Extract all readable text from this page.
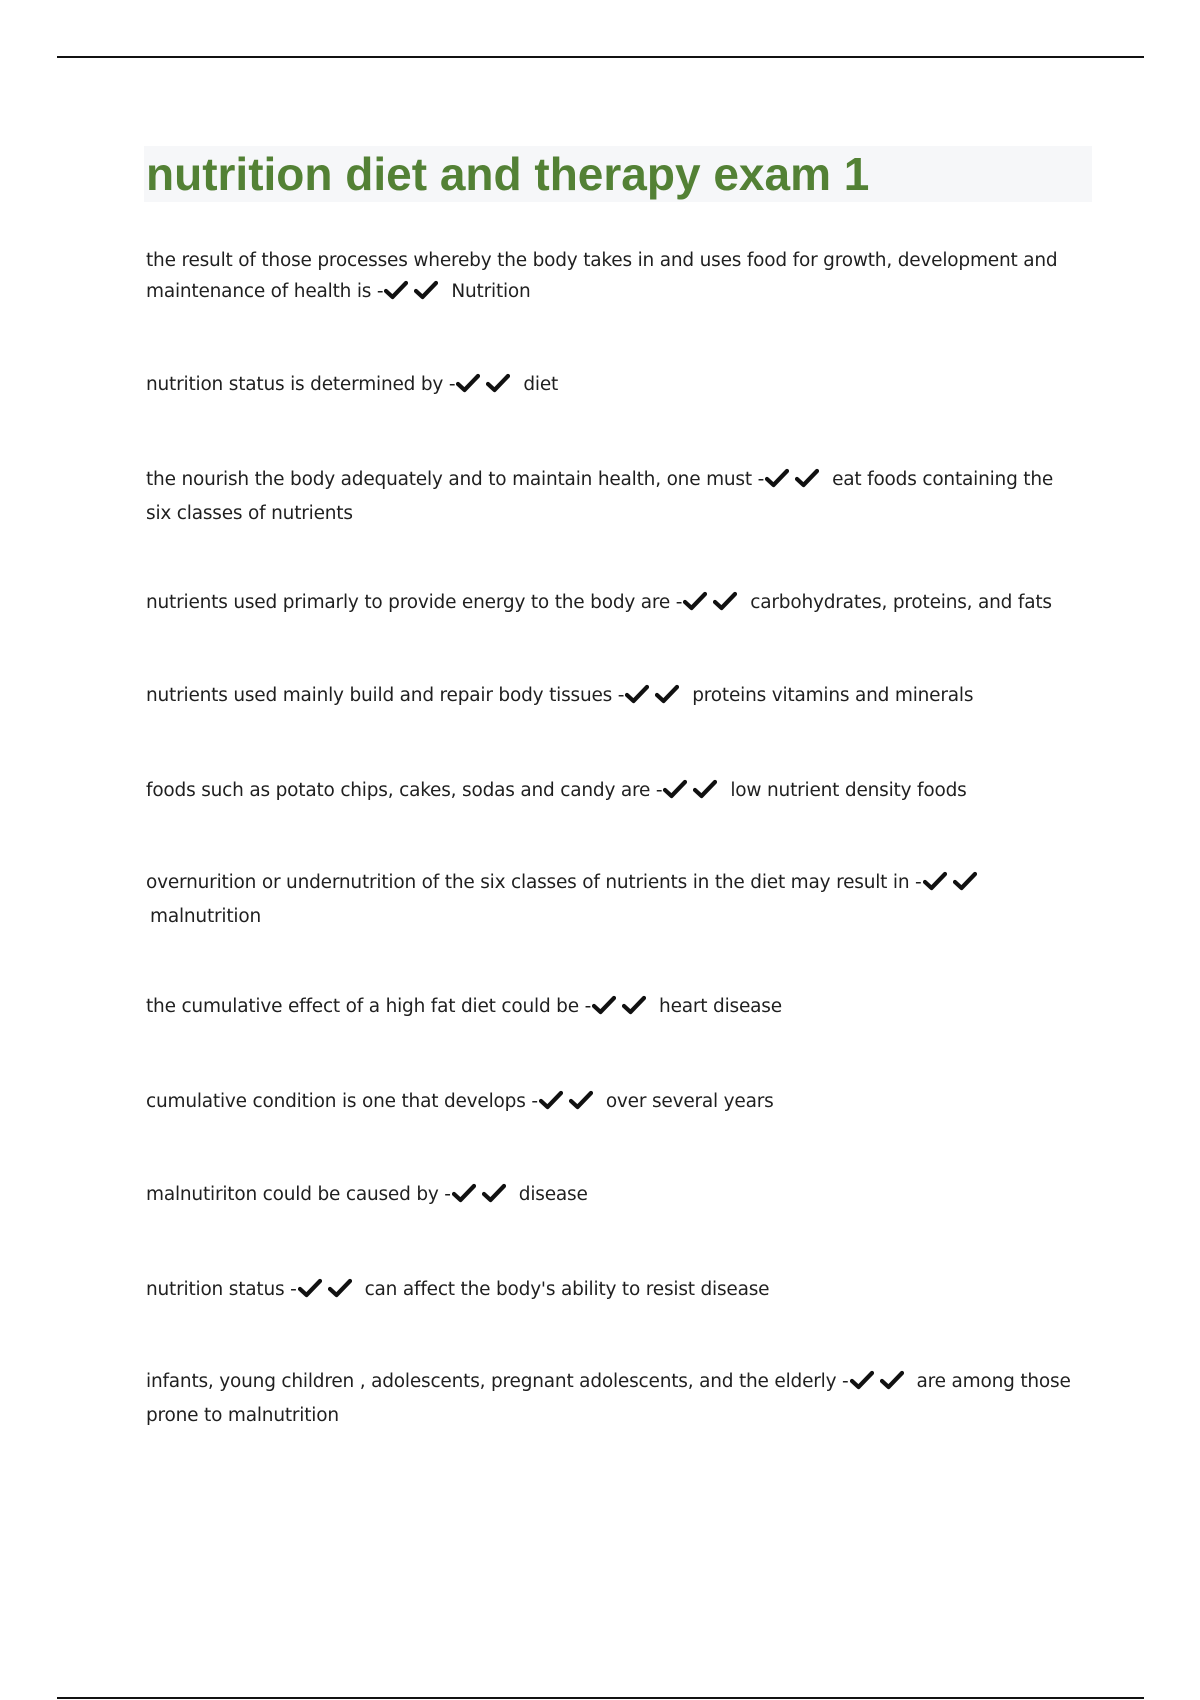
nutrition diet and therapy exam 1

the result of those processes whereby the body takes in and uses food for growth, development and maintenance of health is -	Nutrition

nutrition status is determined by -	diet

the nourish the body adequately and to maintain health, one must -	eat foods containing the six classes of nutrients

nutrients used primarly to provide energy to the body are -	carbohydrates, proteins, and fats

nutrients used mainly build and repair body tissues -	proteins vitamins and minerals

foods such as potato chips, cakes, sodas and candy are -	low nutrient density foods

overnurition or undernutrition of the six classes of nutrients in the diet may result in -
malnutrition

the cumulative effect of a high fat diet could be -	heart disease

cumulative condition is one that develops -	over several years

malnutiriton could be caused by -	disease

nutrition status -	can affect the body's ability to resist disease

infants, young children , adolescents, pregnant adolescents, and the elderly -	are among those prone to malnutrition
